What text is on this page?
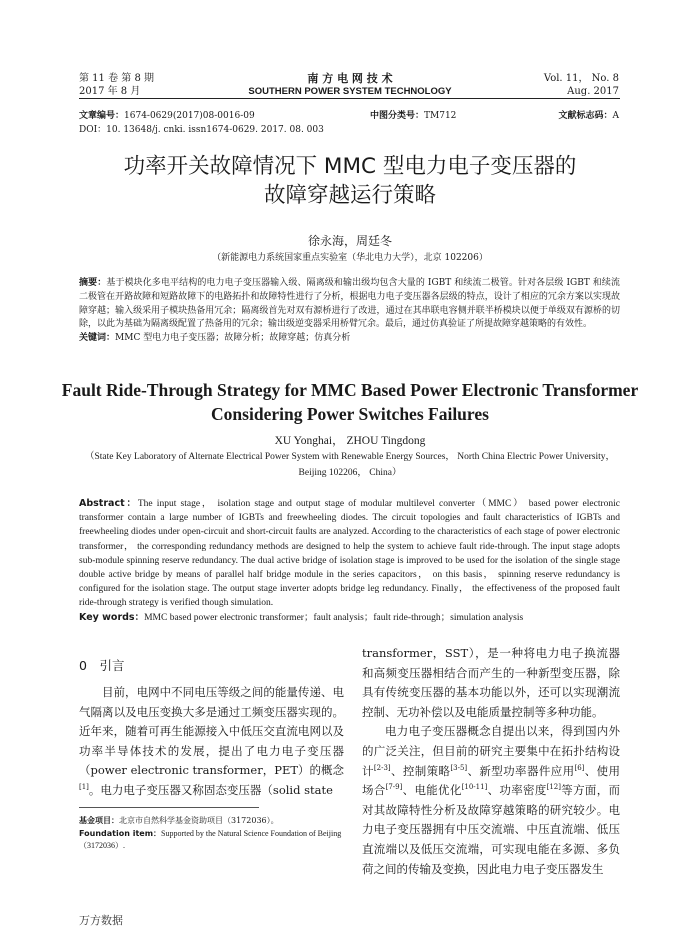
第 11 卷 第 8 期
2017 年 8 月
南 方 电 网 技 术
SOUTHERN POWER SYSTEM TECHNOLOGY
Vol. 11， No. 8
Aug. 2017
文章编号：1674-0629(2017)08-0016-09	中图分类号：TM712	文献标志码：A
DOI：10. 13648/j. cnki. issn1674-0629. 2017. 08. 003
功率开关故障情况下 MMC 型电力电子变压器的
故障穿越运行策略
徐永海，周廷冬
（新能源电力系统国家重点实验室（华北电力大学），北京 102206）
摘要：基于模块化多电平结构的电力电子变压器输入级、隔离级和输出级均包含大量的 IGBT 和续流二极管。针对各层级 IGBT 和续流二极管在开路故障和短路故障下的电路拓扑和故障特性进行了分析，根据电力电子变压器各层级的特点，设计了相应的冗余方案以实现故障穿越；输入级采用子模块热备用冗余；隔离级首先对双有源桥进行了改进，通过在其串联电容侧并联半桥模块以便于单级双有源桥的切除，以此为基础为隔离级配置了热备用的冗余；输出级逆变器采用桥臂冗余。最后，通过仿真验证了所提故障穿越策略的有效性。
关键词：MMC 型电力电子变压器；故障分析；故障穿越；仿真分析
Fault Ride-Through Strategy for MMC Based Power Electronic Transformer
Considering Power Switches Failures
XU Yonghai， ZHOU Tingdong
（State Key Laboratory of Alternate Electrical Power System with Renewable Energy Sources， North China Electric Power University，
Beijing 102206， China）
Abstract：The input stage， isolation stage and output stage of modular multilevel converter（MMC） based power electronic transformer contain a large number of IGBTs and freewheeling diodes. The circuit topologies and fault characteristics of IGBTs and freewheeling diodes under open-circuit and short-circuit faults are analyzed. According to the characteristics of each stage of power electronic transformer， the corresponding redundancy methods are designed to help the system to achieve fault ride-through. The input stage adopts sub-module spinning reserve redundancy. The dual active bridge of isolation stage is improved to be used for the isolation of the single stage double active bridge by means of parallel half bridge module in the series capacitors， on this basis， spinning reserve redundancy is configured for the isolation stage. The output stage inverter adopts bridge leg redundancy. Finally， the effectiveness of the proposed fault ride-through strategy is verified though simulation.
Key words：MMC based power electronic transformer；fault analysis；fault ride-through；simulation analysis
0　引言
目前，电网中不同电压等级之间的能量传递、电气隔离以及电压变换大多是通过工频变压器实现的。近年来，随着可再生能源接入中低压交直流电网以及功率半导体技术的发展，提出了电力电子变压器（power electronic transformer，PET）的概念[1]。电力电子变压器又称固态变压器（solid state
基金项目：北京市自然科学基金资助项目（3172036）。
Foundation item：Supported by the Natural Science Foundation of Beijing（3172036）.
transformer，SST），是一种将电力电子换流器和高频变压器相结合而产生的一种新型变压器，除具有传统变压器的基本功能以外，还可以实现潮流控制、无功补偿以及电能质量控制等多种功能。
电力电子变压器概念自提出以来，得到国内外的广泛关注，但目前的研究主要集中在拓扑结构设计[2-3]、控制策略[3-5]、新型功率器件应用[6]、使用场合[7-9]、电能优化[10-11]、功率密度[12]等方面，而对其故障特性分析及故障穿越策略的研究较少。电力电子变压器拥有中压交流端、中压直流端、低压直流端以及低压交流端，可实现电能在多源、多负荷之间的传输及变换，因此电力电子变压器发生
万方数据
